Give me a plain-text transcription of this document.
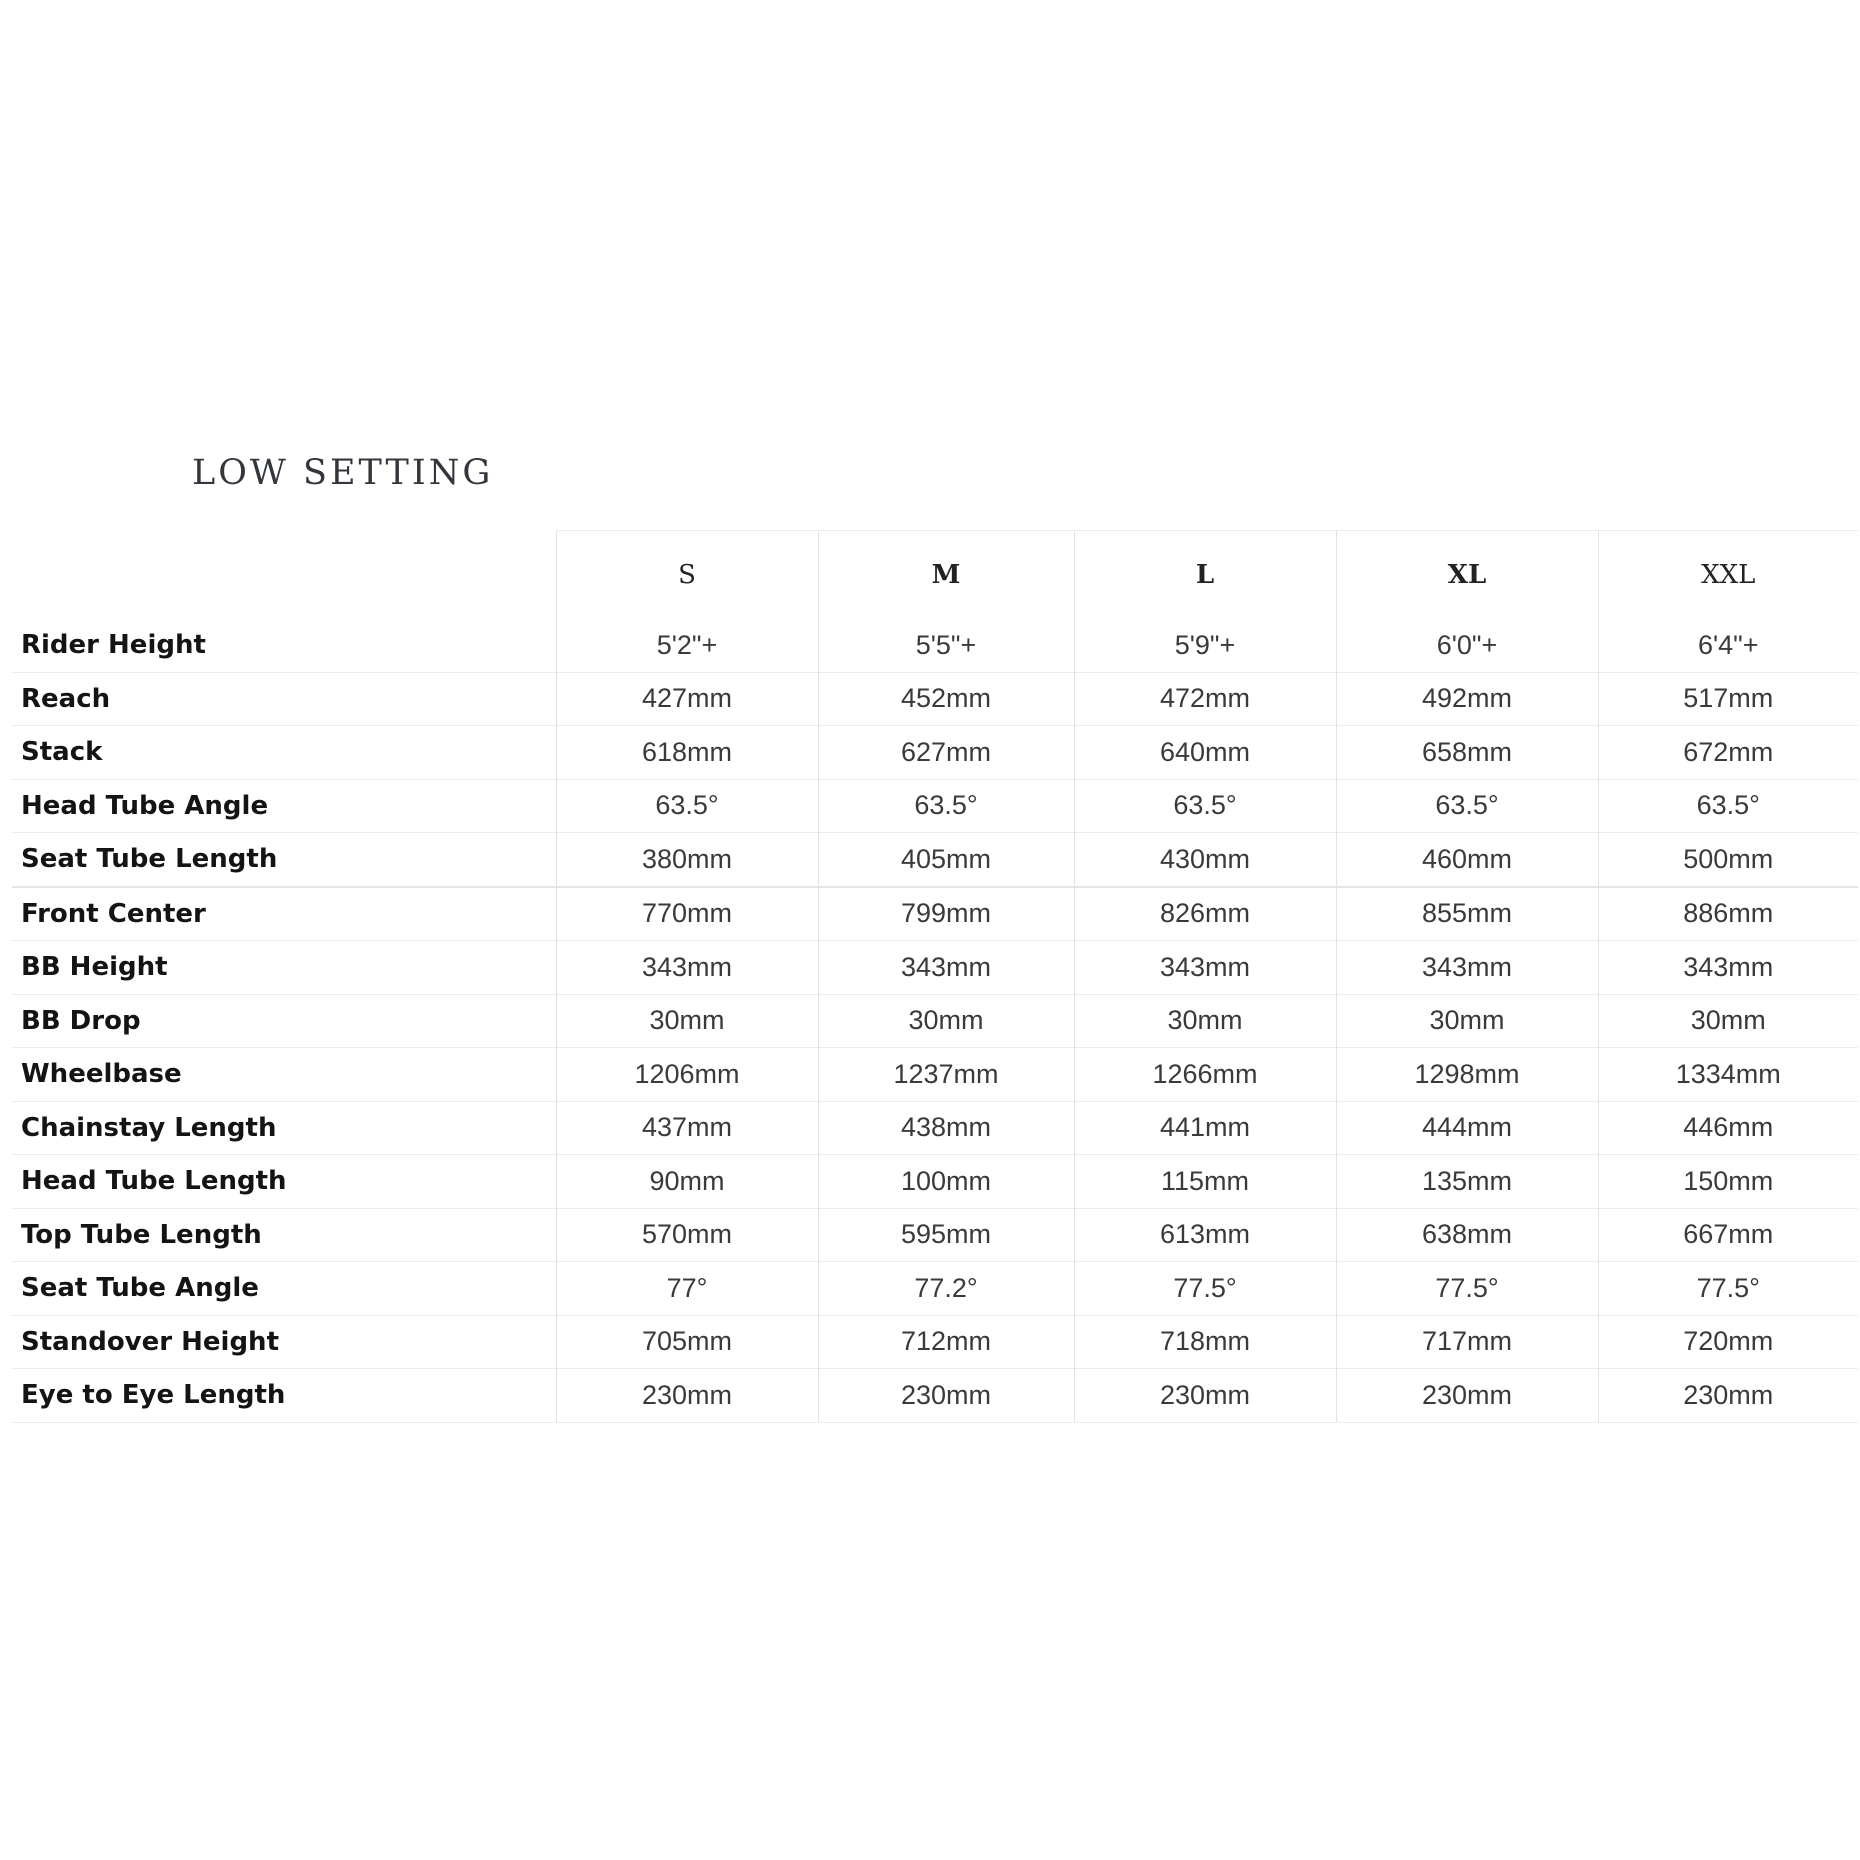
LOW SETTING
	S	M	L	XL	XXL
Rider Height	5'2"+	5'5"+	5'9"+	6'0"+	6'4"+
Reach	427mm	452mm	472mm	492mm	517mm
Stack	618mm	627mm	640mm	658mm	672mm
Head Tube Angle	63.5°	63.5°	63.5°	63.5°	63.5°
Seat Tube Length	380mm	405mm	430mm	460mm	500mm
Front Center	770mm	799mm	826mm	855mm	886mm
BB Height	343mm	343mm	343mm	343mm	343mm
BB Drop	30mm	30mm	30mm	30mm	30mm
Wheelbase	1206mm	1237mm	1266mm	1298mm	1334mm
Chainstay Length	437mm	438mm	441mm	444mm	446mm
Head Tube Length	90mm	100mm	115mm	135mm	150mm
Top Tube Length	570mm	595mm	613mm	638mm	667mm
Seat Tube Angle	77°	77.2°	77.5°	77.5°	77.5°
Standover Height	705mm	712mm	718mm	717mm	720mm
Eye to Eye Length	230mm	230mm	230mm	230mm	230mm
